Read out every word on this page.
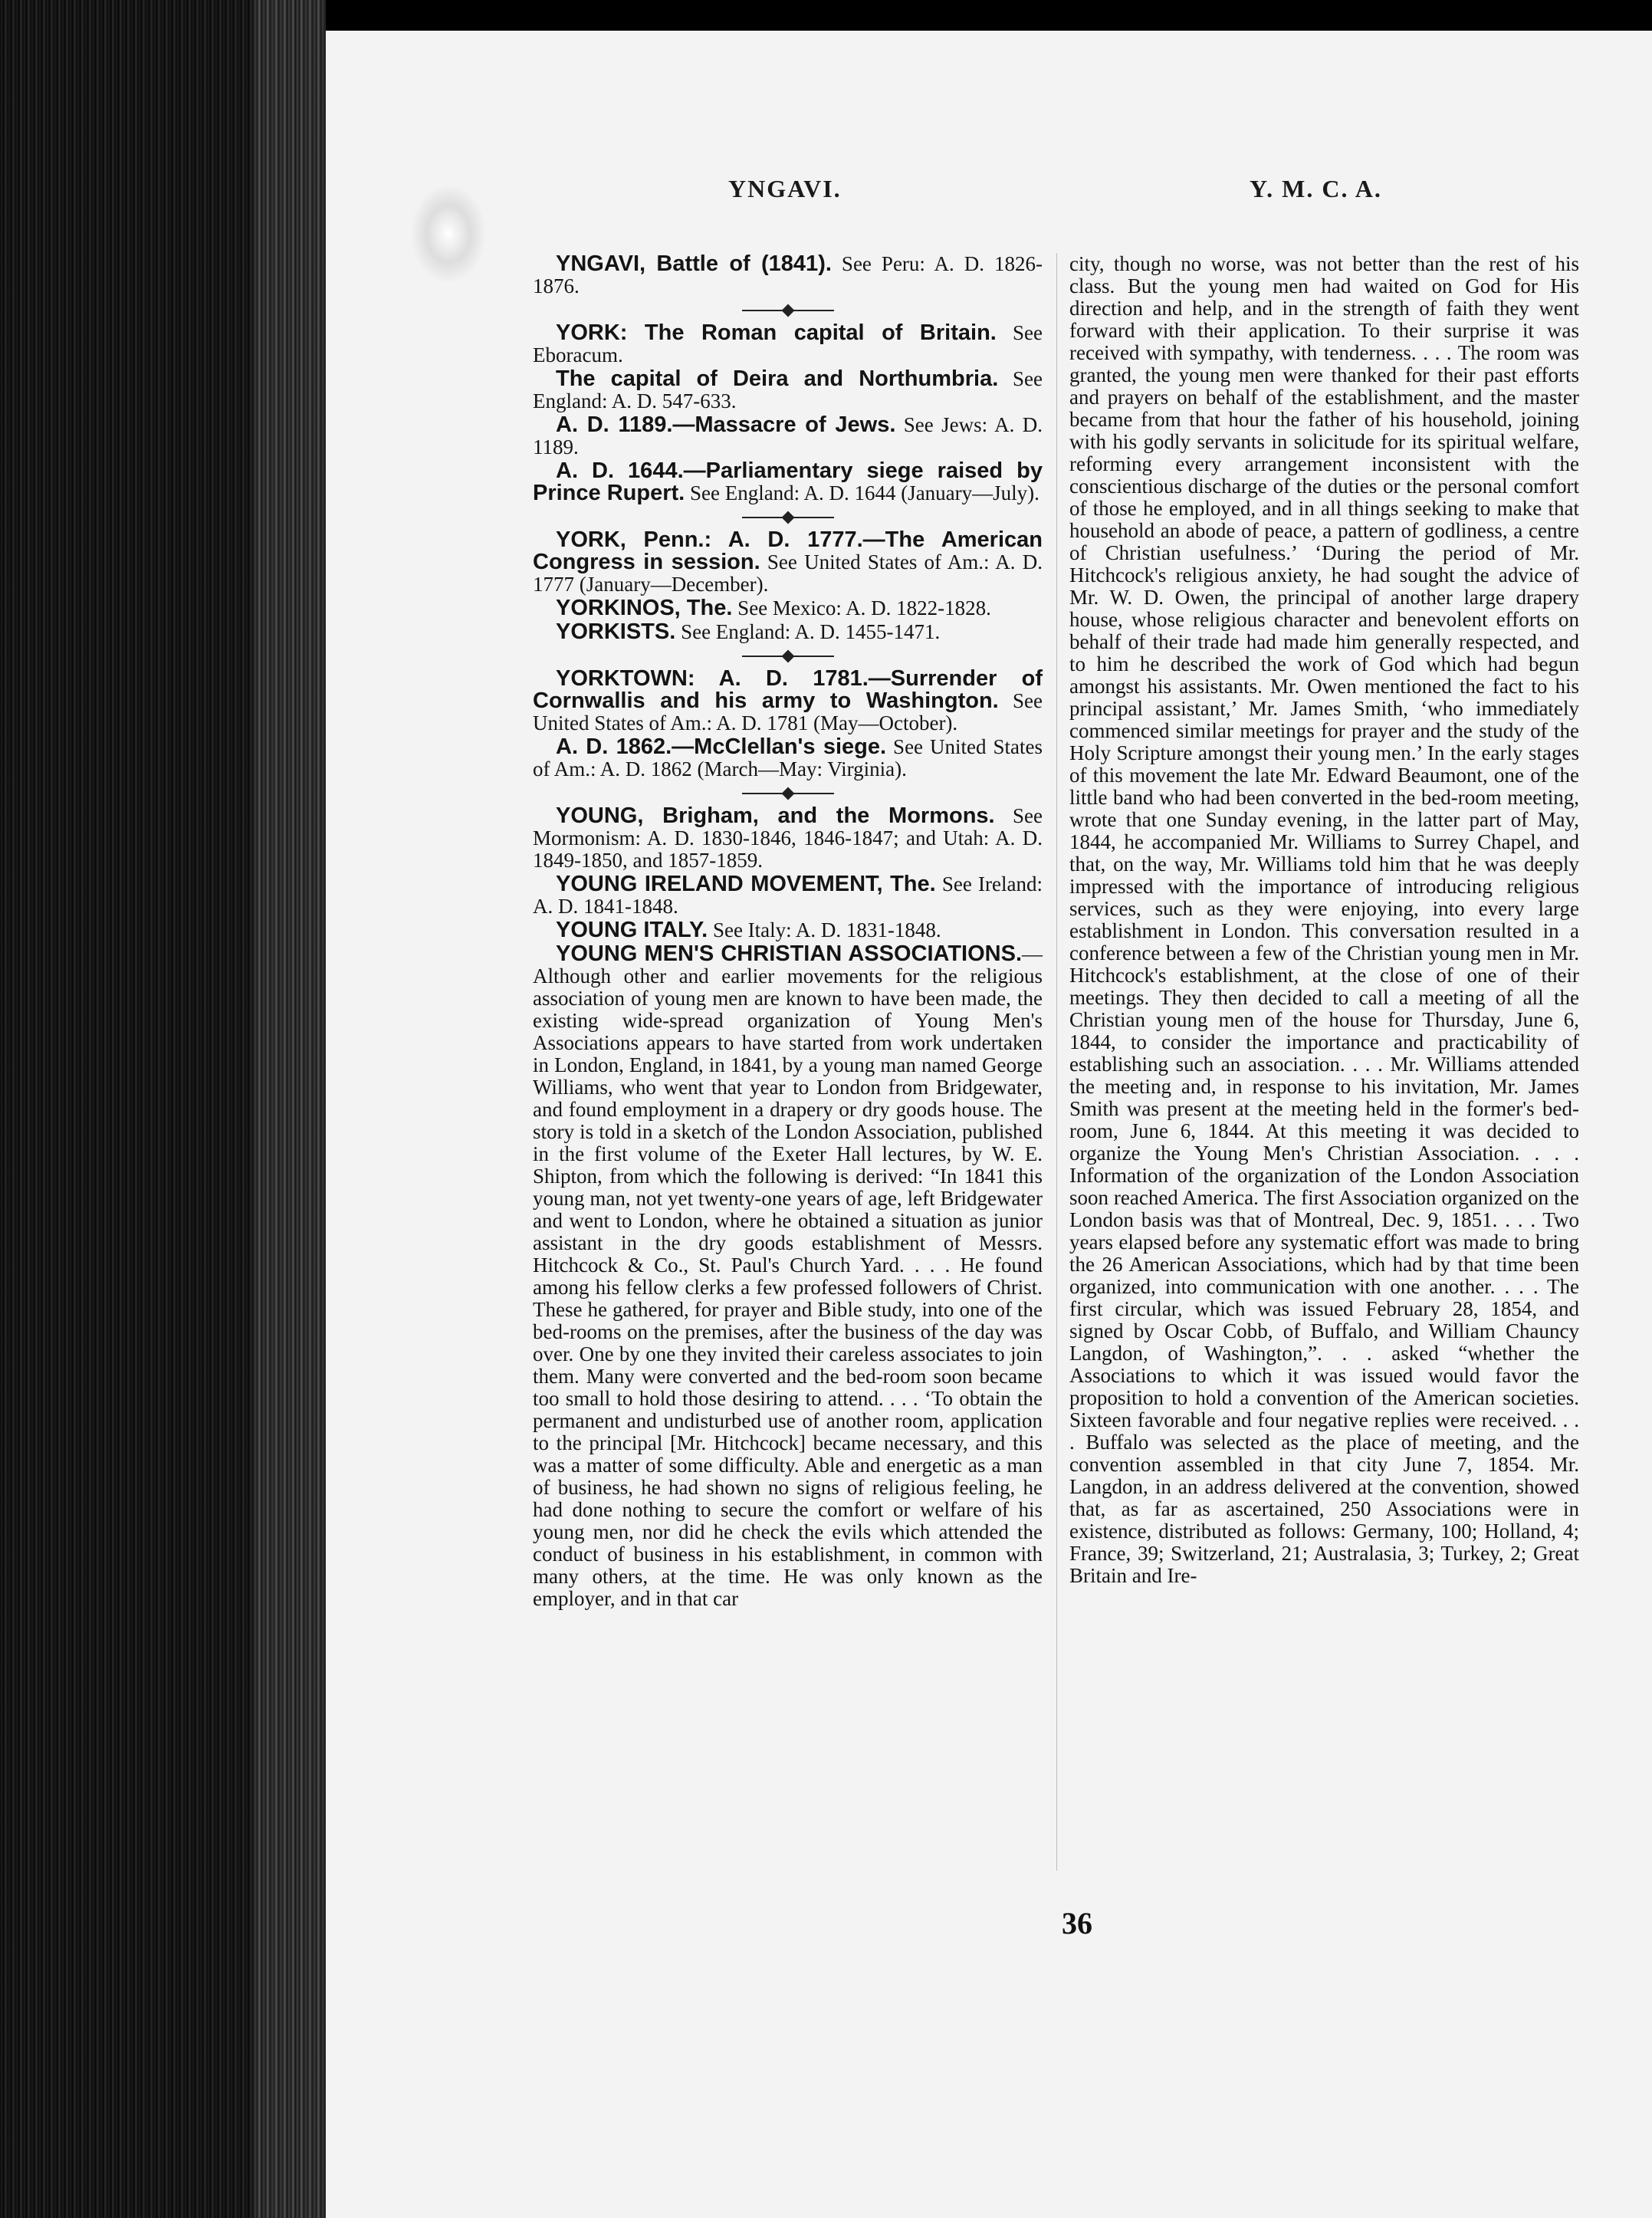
YNGAVI.	Y. M. C. A.
YNGAVI, Battle of (1841). See Peru: A. D. 1826-1876.
YORK: The Roman capital of Britain. See Eboracum.
The capital of Deira and Northumbria. See England: A. D. 547-633.
A. D. 1189.—Massacre of Jews. See Jews: A. D. 1189.
A. D. 1644.—Parliamentary siege raised by Prince Rupert. See England: A. D. 1644 (January—July).
YORK, Penn.: A. D. 1777.—The American Congress in session. See United States of Am.: A. D. 1777 (January—December).
YORKINOS, The. See Mexico: A. D. 1822-1828.
YORKISTS. See England: A. D. 1455-1471.
YORKTOWN: A. D. 1781.—Surrender of Cornwallis and his army to Washington. See United States of Am.: A. D. 1781 (May—October).
A. D. 1862.—McClellan's siege. See United States of Am.: A. D. 1862 (March—May: Virginia).
YOUNG, Brigham, and the Mormons. See Mormonism: A. D. 1830-1846, 1846-1847; and Utah: A. D. 1849-1850, and 1857-1859.
YOUNG IRELAND MOVEMENT, The. See Ireland: A. D. 1841-1848.
YOUNG ITALY. See Italy: A. D. 1831-1848.
YOUNG MEN'S CHRISTIAN ASSOCIATIONS.—Although other and earlier movements for the religious association of young men are known to have been made, the existing wide-spread organization of Young Men's Associations appears to have started from work undertaken in London, England, in 1841, by a young man named George Williams, who went that year to London from Bridgewater, and found employment in a drapery or dry goods house. The story is told in a sketch of the London Association, published in the first volume of the Exeter Hall lectures, by W. E. Shipton, from which the following is derived: “In 1841 this young man, not yet twenty-one years of age, left Bridgewater and went to London, where he obtained a situation as junior assistant in the dry goods establishment of Messrs. Hitchcock & Co., St. Paul's Church Yard. . . . He found among his fellow clerks a few professed followers of Christ. These he gathered, for prayer and Bible study, into one of the bed-rooms on the premises, after the business of the day was over. One by one they invited their careless associates to join them. Many were converted and the bed-room soon became too small to hold those desiring to attend. . . . ‘To obtain the permanent and undisturbed use of another room, application to the principal [Mr. Hitchcock] became necessary, and this was a matter of some difficulty. Able and energetic as a man of business, he had shown no signs of religious feeling, he had done nothing to secure the comfort or welfare of his young men, nor did he check the evils which attended the conduct of business in his establishment, in common with many others, at the time. He was only known as the employer, and in that car
city, though no worse, was not better than the rest of his class. But the young men had waited on God for His direction and help, and in the strength of faith they went forward with their application. To their surprise it was received with sympathy, with tenderness. . . . The room was granted, the young men were thanked for their past efforts and prayers on behalf of the establishment, and the master became from that hour the father of his household, joining with his godly servants in solicitude for its spiritual welfare, reforming every arrangement inconsistent with the conscientious discharge of the duties or the personal comfort of those he employed, and in all things seeking to make that household an abode of peace, a pattern of godliness, a centre of Christian usefulness.’ ‘During the period of Mr. Hitchcock's religious anxiety, he had sought the advice of Mr. W. D. Owen, the principal of another large drapery house, whose religious character and benevolent efforts on behalf of their trade had made him generally respected, and to him he described the work of God which had begun amongst his assistants. Mr. Owen mentioned the fact to his principal assistant,’ Mr. James Smith, ‘who immediately commenced similar meetings for prayer and the study of the Holy Scripture amongst their young men.’ In the early stages of this movement the late Mr. Edward Beaumont, one of the little band who had been converted in the bed-room meeting, wrote that one Sunday evening, in the latter part of May, 1844, he accompanied Mr. Williams to Surrey Chapel, and that, on the way, Mr. Williams told him that he was deeply impressed with the importance of introducing religious services, such as they were enjoying, into every large establishment in London. This conversation resulted in a conference between a few of the Christian young men in Mr. Hitchcock's establishment, at the close of one of their meetings. They then decided to call a meeting of all the Christian young men of the house for Thursday, June 6, 1844, to consider the importance and practicability of establishing such an association. . . . Mr. Williams attended the meeting and, in response to his invitation, Mr. James Smith was present at the meeting held in the former's bed-room, June 6, 1844. At this meeting it was decided to organize the Young Men's Christian Association. . . . Information of the organization of the London Association soon reached America. The first Association organized on the London basis was that of Montreal, Dec. 9, 1851. . . . Two years elapsed before any systematic effort was made to bring the 26 American Associations, which had by that time been organized, into communication with one another. . . . The first circular, which was issued February 28, 1854, and signed by Oscar Cobb, of Buffalo, and William Chauncy Langdon, of Washington,”. . . asked “whether the Associations to which it was issued would favor the proposition to hold a convention of the American societies. Sixteen favorable and four negative replies were received. . . . Buffalo was selected as the place of meeting, and the convention assembled in that city June 7, 1854. Mr. Langdon, in an address delivered at the convention, showed that, as far as ascertained, 250 Associations were in existence, distributed as follows: Germany, 100; Holland, 4; France, 39; Switzerland, 21; Australasia, 3; Turkey, 2; Great Britain and Ire-
36
